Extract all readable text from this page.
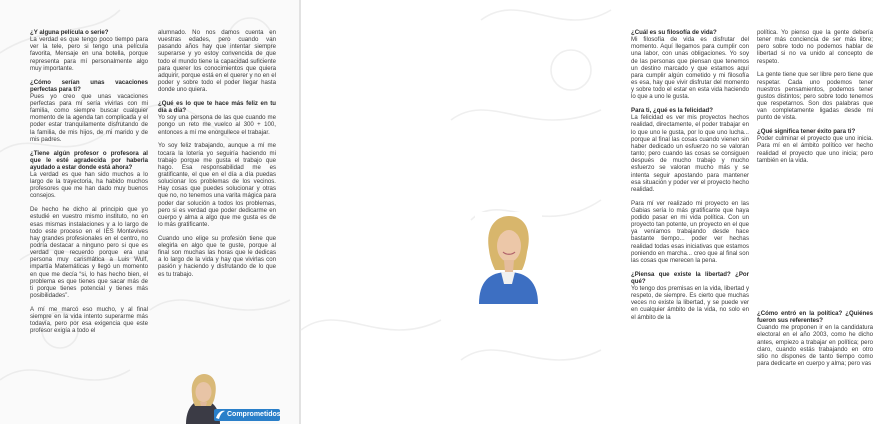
¿Y alguna película o serie?

La verdad es que tengo poco tiempo para ver la tele, pero si tengo una película favorita, Mensaje en una botella, porque representa para mí personalmente algo muy importante.

¿Cómo serían unas vacaciones perfectas para ti?

Pues yo creo que unas vacaciones perfectas para mí sería vivirlas con mi familia, como siempre buscar cualquier momento de la agenda tan complicada y el poder estar tranquilamente disfrutando de la familia, de mis hijos, de mi marido y de mis padres.

¿Tiene algún profesor o profesora al que le esté agradecida por haberla ayudado a estar donde está ahora?

La verdad es que han sido muchos a lo largo de la trayectoria, ha habido muchos profesores que me han dado muy buenos consejos.

De hecho he dicho al principio que yo estudié en vuestro mismo instituto, no en esas mismas instalaciones y a lo largo de todo este proceso en el IES Montevives hay grandes profesionales en el centro, no podría destacar a ninguno pero si que es verdad que recuerdo porque era una persona muy carismática a Luis Wulf, impartía Matemáticas y llegó un momento en que me decía “si, lo has hecho bien, el problema es que tienes que sacar más de ti porque tienes potencial y tienes más posibilidades”.

A mí me marcó eso mucho, y al final siempre en la vida intento superarme más todavía, pero por esa exigencia que este profesor exigía a todo el

alumnado. No nos damos cuenta en vuestras edades, pero cuando van pasando años hay que intentar siempre superarse y yo estoy convencida de que todo el mundo tiene la capacidad suficiente para querer los conocimientos que quiera adquirir, porque está en el querer y no en el poder y sobre todo el poder llegar hasta donde uno quiera.

¿Qué es lo que te hace más feliz en tu día a día?

Yo soy una persona de las que cuando me pongo un reto me vuelco al 300 + 100, entonces a mí me enorgullece el trabajar.

Yo soy feliz trabajando, aunque a mí me tocara la lotería yo seguiría haciendo mi trabajo porque me gusta el trabajo que hago. Esa responsabilidad me es gratificante, el que en el día a día puedas solucionar los problemas de los vecinos. Hay cosas que puedes solucionar y otras que no, no tenemos una varita mágica para poder dar solución a todos los problemas, pero si es verdad que poder dedicarme en cuerpo y alma a algo que me gusta es de lo más gratificante.

Cuando uno elige su profesión tiene que elegirla en algo que te guste, porque al final son muchas las horas que le dedicas a lo largo de la vida y hay que vivirlas con pasión y haciendo y disfrutando de lo que es tu trabajo.

Comprometidos

¿Cuál es su filosofía de vida?

Mi filosofía de vida es disfrutar del momento. Aquí llegamos para cumplir con una labor, con unas obligaciones. Yo soy de las personas que piensan que tenemos un destino marcado y que estamos aquí para cumplir algún cometido y mi filosofía es esa, hay que vivir disfrutar del momento y sobre todo el estar en esta vida haciendo lo que a uno le gusta.

Para ti, ¿qué es la felicidad?

La felicidad es ver mis proyectos hechos realidad, directamente, el poder trabajar en lo que uno le gusta, por lo que uno lucha... porque al final las cosas cuando vienen sin haber dedicado un esfuerzo no se valoran tanto; pero cuando las cosas se consiguen después de mucho trabajo y mucho esfuerzo se valoran mucho más y se intenta seguir apostando para mantener esa situación y poder ver el proyecto hecho realidad.

Para mí ver realizado mi proyecto en las Gabias sería lo más gratificante que haya podido pasar en mi vida política. Con un proyecto tan potente, un proyecto en el que ya veníamos trabajando desde hace bastante tiempo... poder ver hechas realidad todas esas iniciativas que estamos poniendo en marcha... creo que al final son las cosas que merecen la pena.

¿Piensa que existe la libertad? ¿Por qué?

Yo tengo dos premisas en la vida, libertad y respeto, de siempre. Es cierto que muchas veces no existe la libertad, y se puede ver en cualquier ámbito de la vida, no solo en el ámbito de la

política. Yo pienso que la gente debería tener más conciencia de ser más libre; pero sobre todo no podemos hablar de libertad si no va unido al concepto de respeto.

La gente tiene que ser libre pero tiene que respetar. Cada uno podemos tener nuestros pensamientos, podemos tener gustos distintos; pero sobre todo tenemos que respetarnos. Son dos palabras que van completamente ligadas desde mi punto de vista.

¿Qué significa tener éxito para ti?

Poder culminar el proyecto que uno inicia. Para mí en el ámbito político ver hecho realidad el proyecto que uno inicia; pero también en la vida.

¿Cómo entró en la política? ¿Quiénes fueron sus referentes?

Cuando me proponen ir en la candidatura electoral en el año 2003, como he dicho antes, empiezo a trabajar en política; pero claro, cuando estás trabajando en otro sitio no dispones de tanto tiempo como para dedicarte en cuerpo y alma; pero vas
